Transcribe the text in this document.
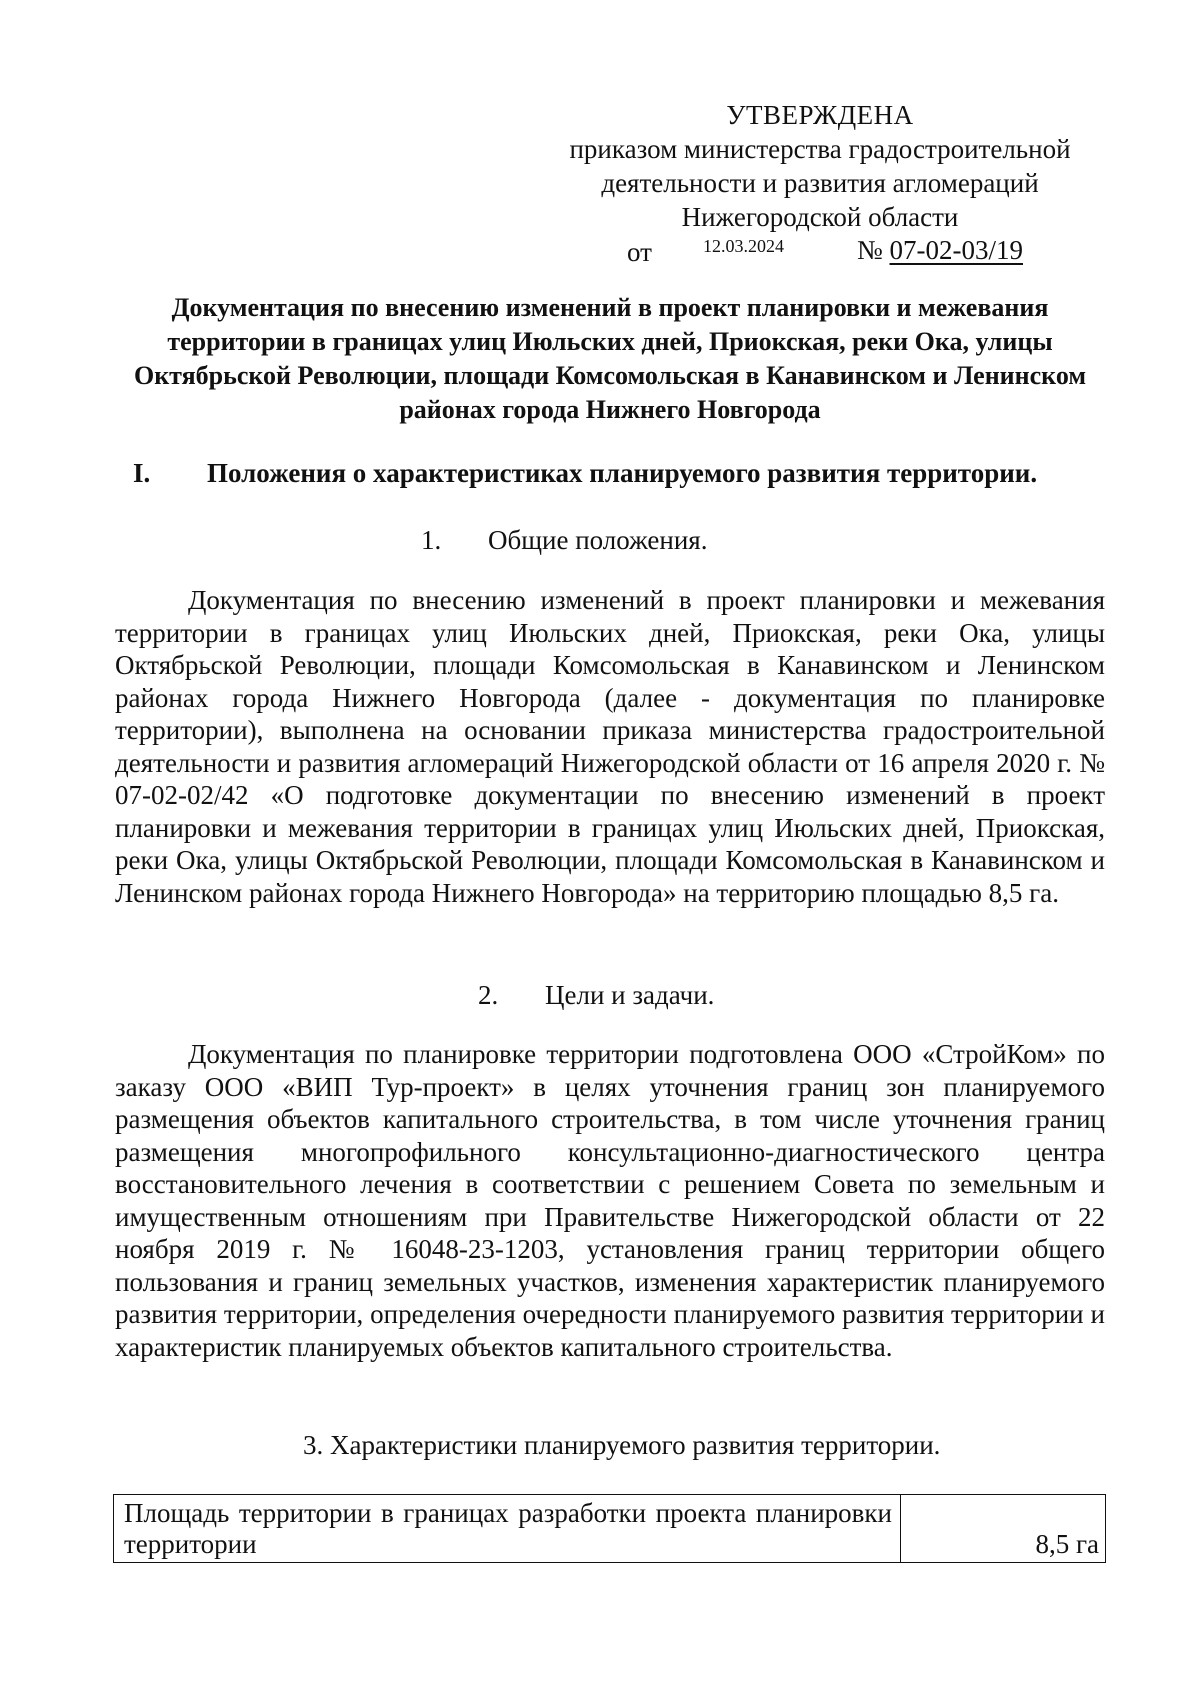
УТВЕРЖДЕНА
приказом министерства градостроительной
деятельности и развития агломераций
Нижегородской области
от	12.03.2024	№ 07-02-03/19
Документация по внесению изменений в проект планировки и межевания территории в границах улиц Июльских дней, Приокская, реки Ока, улицы Октябрьской Революции, площади Комсомольская в Канавинском и Ленинском районах города Нижнего Новгорода
I. Положения о характеристиках планируемого развития территории.
1. Общие положения.
Документация по внесению изменений в проект планировки и межевания территории в границах улиц Июльских дней, Приокская, реки Ока, улицы Октябрьской Революции, площади Комсомольская в Канавинском и Ленинском районах города Нижнего Новгорода (далее - документация по планировке территории), выполнена на основании приказа министерства градостроительной деятельности и развития агломераций Нижегородской области от 16 апреля 2020 г. № 07-02-02/42 «О подготовке документации по внесению изменений в проект планировки и межевания территории в границах улиц Июльских дней, Приокская, реки Ока, улицы Октябрьской Революции, площади Комсомольская в Канавинском и Ленинском районах города Нижнего Новгорода» на территорию площадью 8,5 га.
2. Цели и задачи.
Документация по планировке территории подготовлена ООО «СтройКом» по заказу ООО «ВИП Тур-проект» в целях уточнения границ зон планируемого размещения объектов капитального строительства, в том числе уточнения границ размещения многопрофильного консультационно-диагностического центра восстановительного лечения в соответствии с решением Совета по земельным и имущественным отношениям при Правительстве Нижегородской области от 22 ноября 2019 г. № 16048-23-1203, установления границ территории общего пользования и границ земельных участков, изменения характеристик планируемого развития территории, определения очередности планируемого развития территории и характеристик планируемых объектов капитального строительства.
3. Характеристики планируемого развития территории.
Площадь территории в границах разработки проекта планировки территории	8,5 га
